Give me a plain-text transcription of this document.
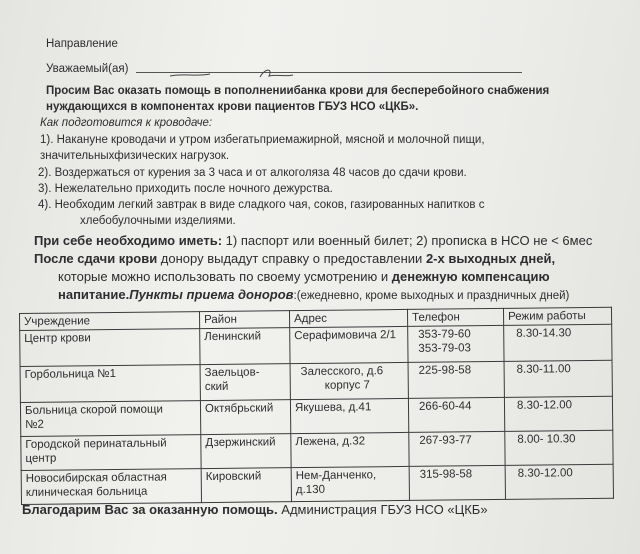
Направление
Уважаемый(ая)
Просим Вас оказать помощь в пополнениибанка крови для бесперебойного снабжения
нуждающихся в компонентах крови пациентов ГБУЗ НСО «ЦКБ».
Как подготовится к кроводаче:
1). Накануне кроводачи и утром избегатьприемажирной, мясной и молочной пищи,
значительныхфизических нагрузок.
2). Воздержаться от курения за 3 часа и от алкоголяза 48 часов до сдачи крови.
3). Нежелательно приходить после ночного дежурства.
4). Необходим легкий завтрак в виде сладкого чая, соков, газированных напитков с
хлебобулочными изделиями.
При себе необходимо иметь: 1) паспорт или военный билет; 2) прописка в НСО не < 6мес
После сдачи крови донору выдадут справку о предоставлении 2-х выходных дней,
которые можно использовать по своему усмотрению и денежную компенсацию
напитание.Пункты приема доноров:(ежедневно, кроме выходных и праздничных дней)
Учреждение	Район	Адрес	Телефон	Режим работы

Центр крови	Ленинский	Серафимовича 2/1	353-79-60
353-79-03	8.30-14.30

Горбольница №1	Заельцов-
ский	Залесского, д.6
корпус 7	225-98-58	8.30-11.00

Больница скорой помощи
№2	Октябрьский	Якушева, д.41	266-60-44	8.30-12.00

Городской перинатальный
центр	Дзержинский	Лежена, д.32	267-93-77	8.00- 10.30

Новосибирская областная
клиническая больница	Кировский	Нем-Данченко,
д.130	315-98-58	8.30-12.00
Благодарим Вас за оказанную помощь. Администрация ГБУЗ НСО «ЦКБ»
